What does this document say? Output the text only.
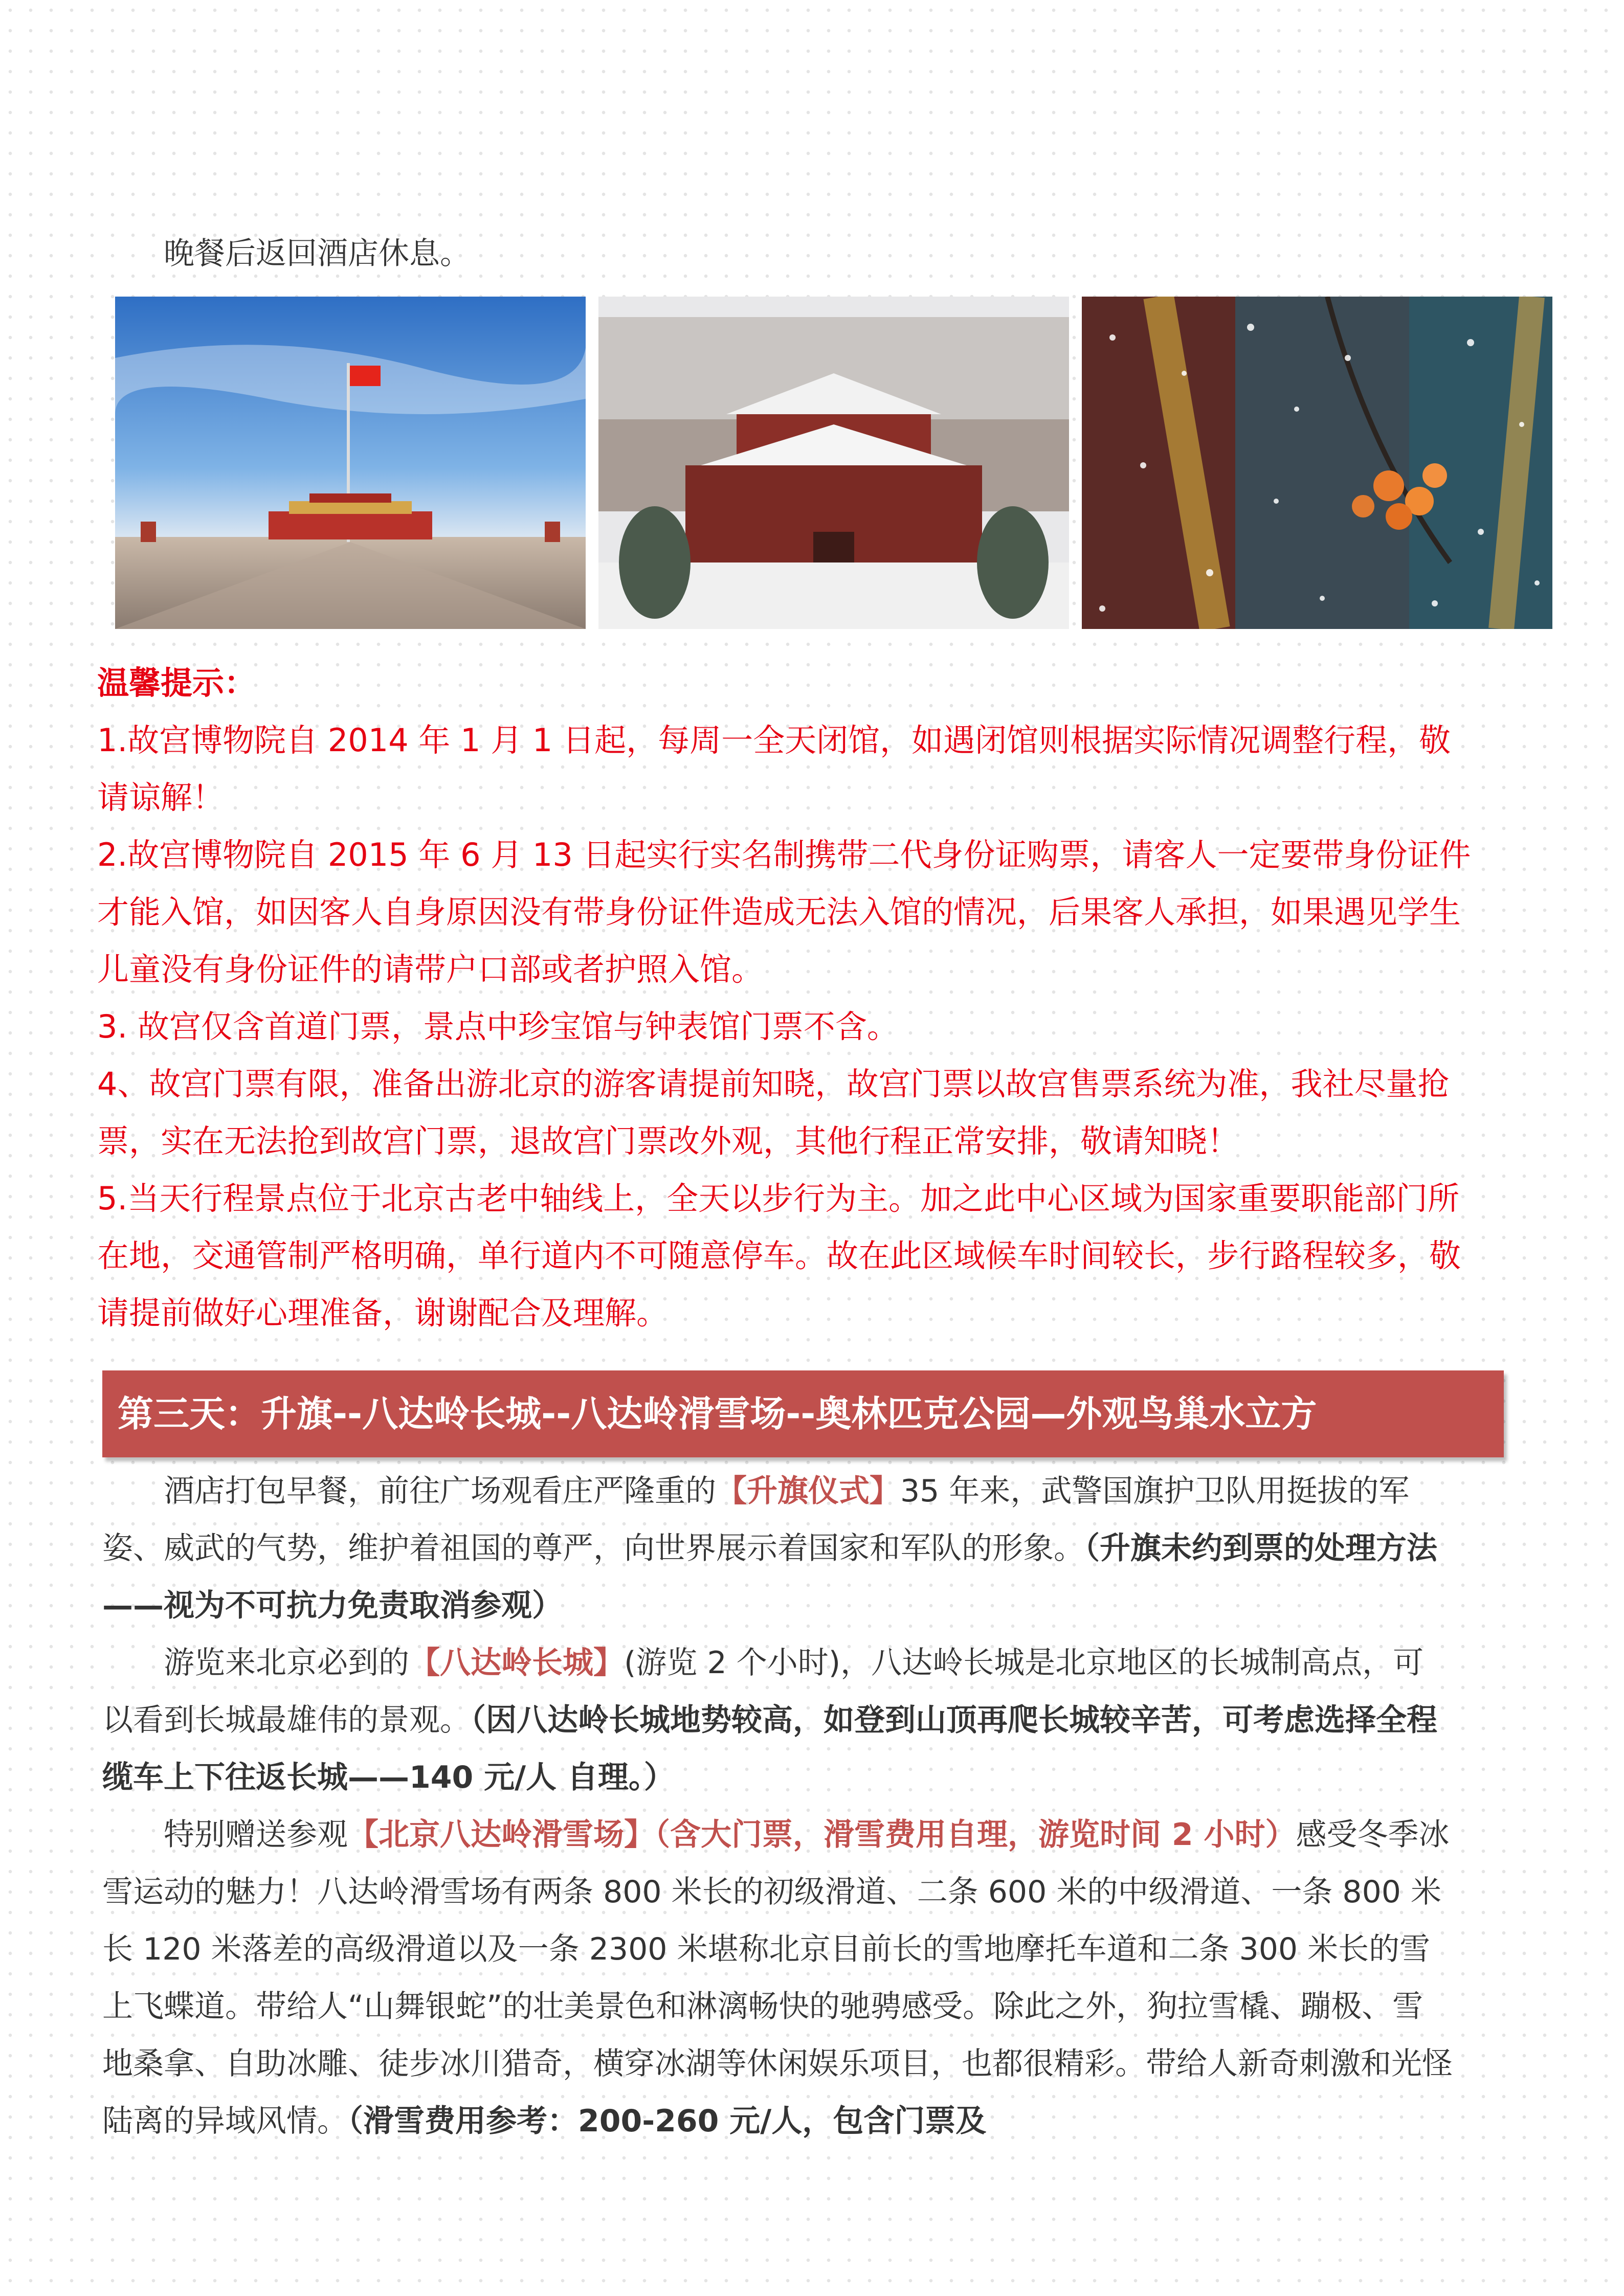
晚餐后返回酒店休息。

温馨提示：

1.故宫博物院自 2014 年 1 月 1 日起，每周一全天闭馆，如遇闭馆则根据实际情况调整行程，敬请谅解！

2.故宫博物院自 2015 年 6 月 13 日起实行实名制携带二代身份证购票，请客人一定要带身份证件才能入馆，如因客人自身原因没有带身份证件造成无法入馆的情况，后果客人承担，如果遇见学生儿童没有身份证件的请带户口部或者护照入馆。

3. 故宫仅含首道门票，景点中珍宝馆与钟表馆门票不含。

4、故宫门票有限，准备出游北京的游客请提前知晓，故宫门票以故宫售票系统为准，我社尽量抢票，实在无法抢到故宫门票，退故宫门票改外观，其他行程正常安排，敬请知晓！

5.当天行程景点位于北京古老中轴线上，全天以步行为主。加之此中心区域为国家重要职能部门所在地，交通管制严格明确，单行道内不可随意停车。故在此区域候车时间较长，步行路程较多，敬请提前做好心理准备，谢谢配合及理解。

第三天：升旗--八达岭长城--八达岭滑雪场--奥林匹克公园—外观鸟巢水立方

酒店打包早餐，前往广场观看庄严隆重的【升旗仪式】35 年来，武警国旗护卫队用挺拔的军姿、威武的气势，维护着祖国的尊严，向世界展示着国家和军队的形象。（升旗未约到票的处理方法——视为不可抗力免责取消参观）

游览来北京必到的【八达岭长城】(游览 2 个小时)，八达岭长城是北京地区的长城制高点，可以看到长城最雄伟的景观。（因八达岭长城地势较高，如登到山顶再爬长城较辛苦，可考虑选择全程缆车上下往返长城——140 元/人 自理。）

特别赠送参观【北京八达岭滑雪场】（含大门票，滑雪费用自理，游览时间 2 小时）感受冬季冰雪运动的魅力！八达岭滑雪场有两条 800 米长的初级滑道、二条 600 米的中级滑道、一条 800 米长 120 米落差的高级滑道以及一条 2300 米堪称北京目前长的雪地摩托车道和二条 300 米长的雪上飞蝶道。带给人“山舞银蛇”的壮美景色和淋漓畅快的驰骋感受。除此之外，狗拉雪橇、蹦极、雪地桑拿、自助冰雕、徒步冰川猎奇，横穿冰湖等休闲娱乐项目，也都很精彩。带给人新奇刺激和光怪陆离的异域风情。（滑雪费用参考：200-260 元/人，包含门票及
